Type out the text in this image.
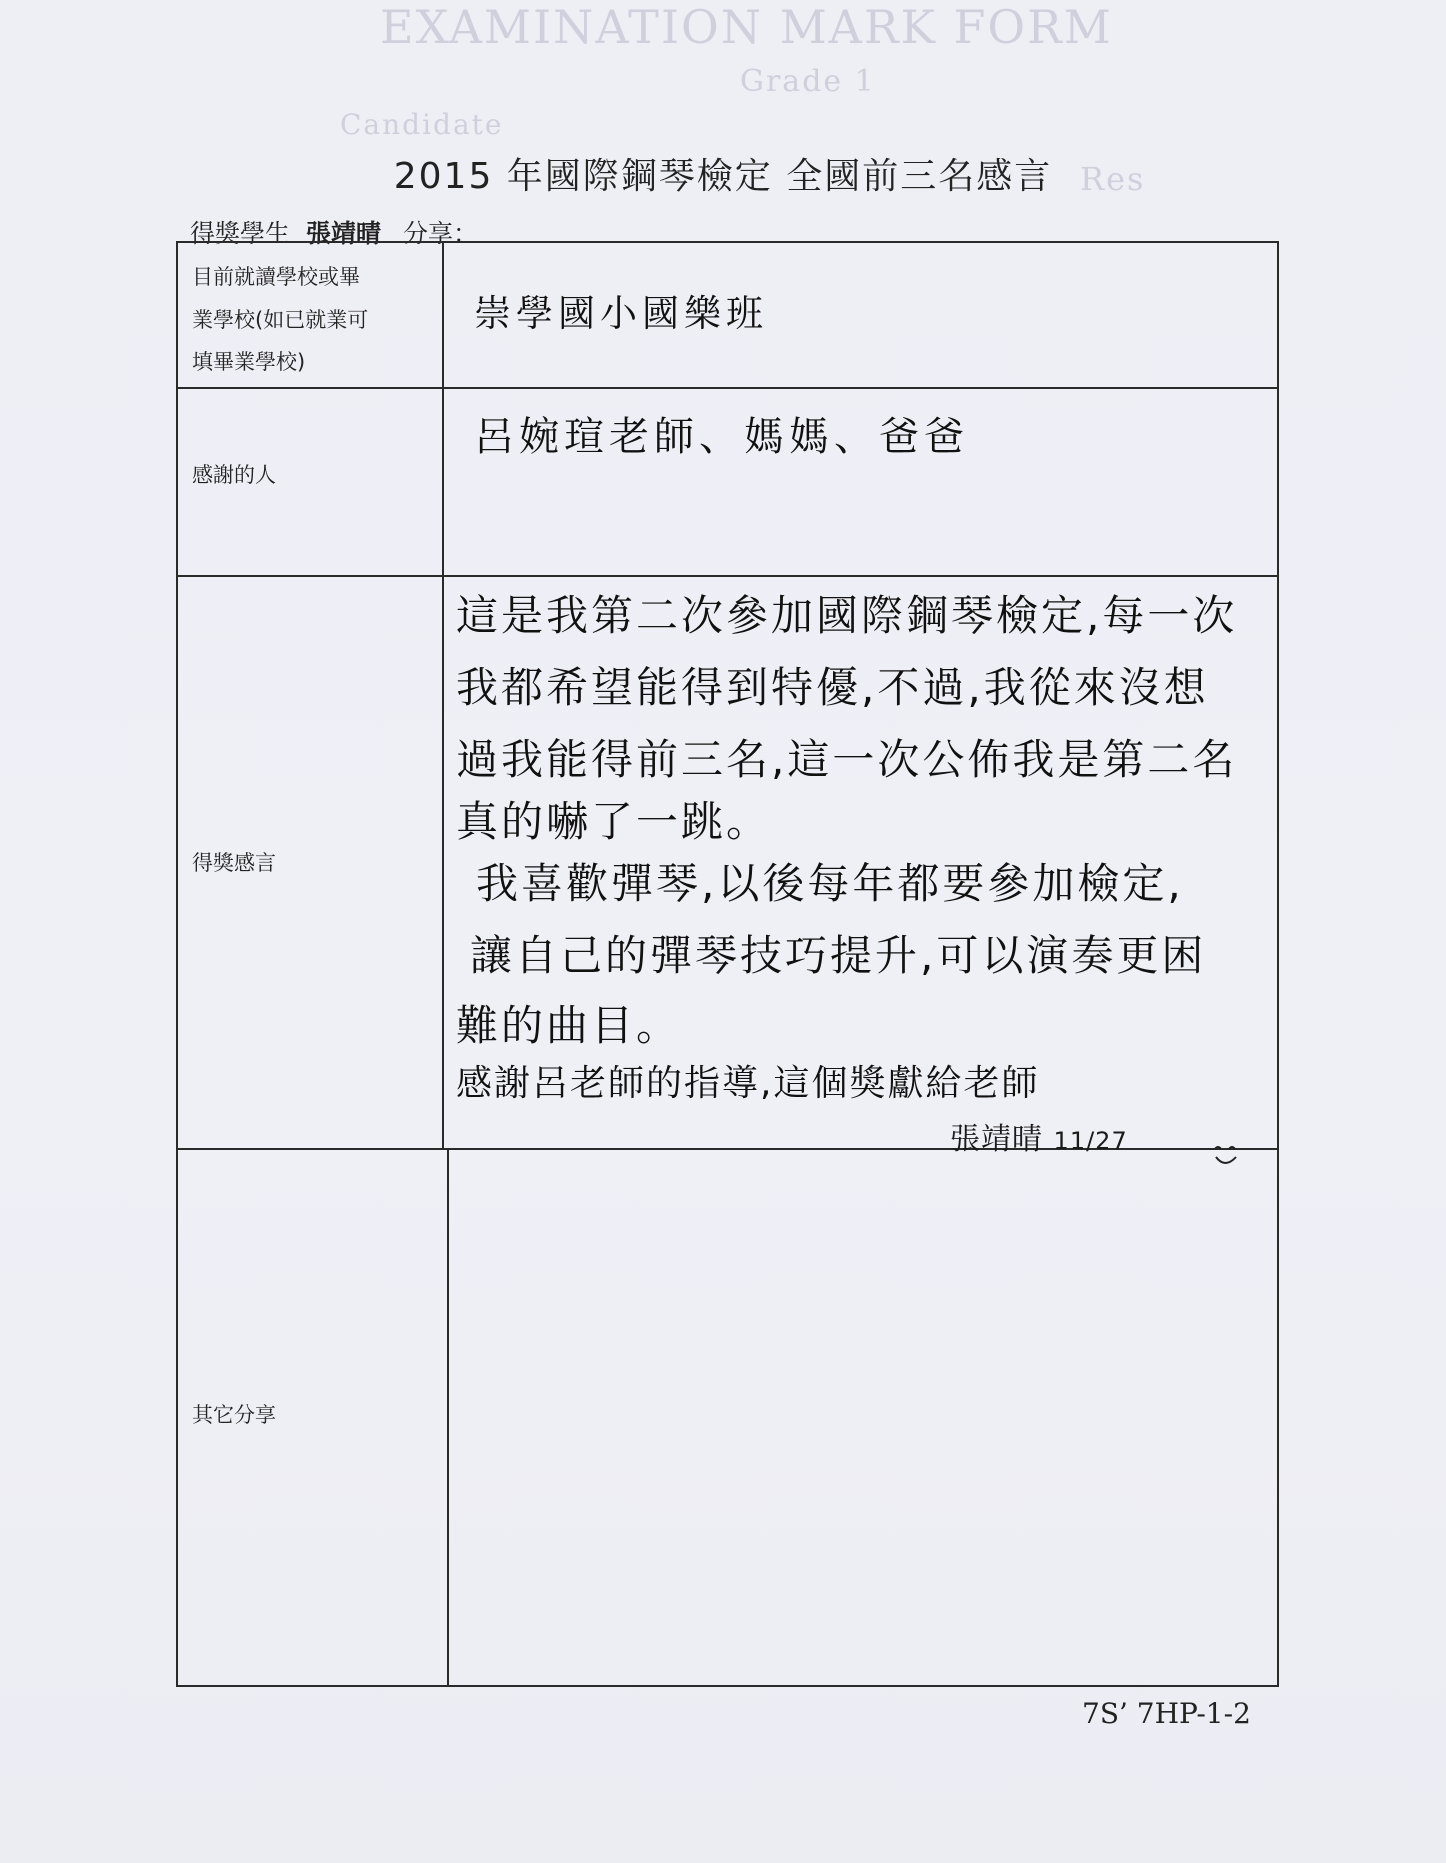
EXAMINATION MARK FORM
Grade 1
Candidate
Res
2015 年國際鋼琴檢定 全國前三名感言
得獎學生 張靖晴 分享：
目前就讀學校或畢
業學校(如已就業可
填畢業學校)
崇學國小國樂班
感謝的人
呂婉瑄老師、媽媽、爸爸
得獎感言

這是我第二次參加國際鋼琴檢定,每一次

我都希望能得到特優,不過,我從來沒想

過我能得前三名,這一次公佈我是第二名

真的嚇了一跳。

我喜歡彈琴,以後每年都要參加檢定,

讓自己的彈琴技巧提升,可以演奏更困

難的曲目。

感謝呂老師的指導,這個獎獻給老師

其它分享
張靖晴 11/27
7S’ 7HP-1-2
